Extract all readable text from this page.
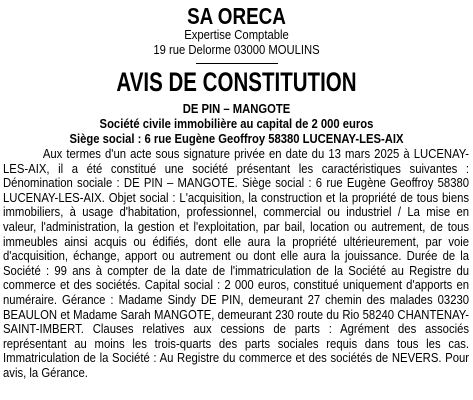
SA ORECA
Expertise Comptable
19 rue Delorme 03000 MOULINS
AVIS DE CONSTITUTION
DE PIN – MANGOTE
Société civile immobilière au capital de 2 000 euros
Siège social : 6 rue Eugène Geoffroy 58380 LUCENAY-LES-AIX

Aux termes d'un acte sous signature privée en date du 13 mars 2025 à LUCENAY-LES-AIX, il a été constitué une société présentant les caractéristiques suivantes : Dénomination sociale : DE PIN – MANGOTE. Siège social : 6 rue Eugène Geoffroy 58380 LUCENAY-LES-AIX. Objet social : L'acquisition, la construction et la propriété de tous biens immobiliers, à usage d'habitation, professionnel, commercial ou industriel / La mise en valeur, l'administration, la gestion et l'exploitation, par bail, location ou autrement, de tous immeubles ainsi acquis ou édifiés, dont elle aura la propriété ultérieurement, par voie d'acquisition, échange, apport ou autrement ou dont elle aura la jouissance. Durée de la Société : 99 ans à compter de la date de l'immatriculation de la Société au Registre du commerce et des sociétés. Capital social : 2 000 euros, constitué uniquement d'apports en numéraire. Gérance : Madame Sindy DE PIN, demeurant 27 chemin des malades 03230 BEAULON et Madame Sarah MANGOTE, demeurant 230 route du Rio 58240 CHANTENAY-SAINT-IMBERT. Clauses relatives aux cessions de parts : Agrément des associés représentant au moins les trois-quarts des parts sociales requis dans tous les cas. Immatriculation de la Société : Au Registre du commerce et des sociétés de NEVERS. Pour avis, la Gérance.
